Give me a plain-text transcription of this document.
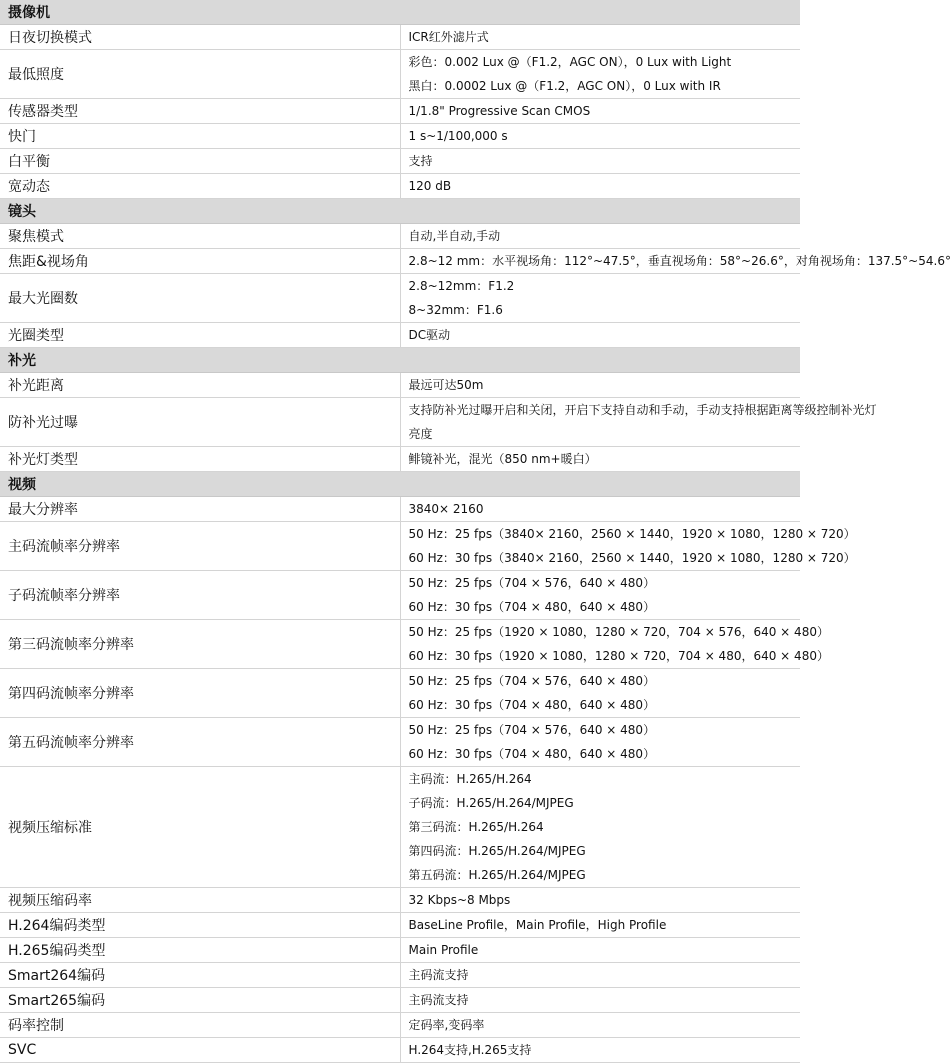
摄像机	
日夜切换模式	ICR红外滤片式

最低照度	彩色：0.002 Lux @（F1.2，AGC ON），0 Lux with Light
黑白：0.0002 Lux @（F1.2，AGC ON），0 Lux with IR

传感器类型	1/1.8" Progressive Scan CMOS

快门	1 s~1/100,000 s

白平衡	支持

宽动态	120 dB

镜头	
聚焦模式	自动,半自动,手动

焦距&视场角	2.8~12 mm：水平视场角：112°~47.5°，垂直视场角：58°~26.6°，对角视场角：137.5°~54.6°

最大光圈数	2.8~12mm：F1.2
8~32mm：F1.6

光圈类型	DC驱动

补光	
补光距离	最远可达50m

防补光过曝	支持防补光过曝开启和关闭，开启下支持自动和手动，手动支持根据距离等级控制补光灯
亮度

补光灯类型	鲱镜补光，混光（850 nm+暖白）

视频	
最大分辨率	3840× 2160

主码流帧率分辨率	50 Hz：25 fps（3840× 2160，2560 × 1440，1920 × 1080，1280 × 720）
60 Hz：30 fps（3840× 2160，2560 × 1440，1920 × 1080，1280 × 720）

子码流帧率分辨率	50 Hz：25 fps（704 × 576，640 × 480）
60 Hz：30 fps（704 × 480，640 × 480）

第三码流帧率分辨率	50 Hz：25 fps（1920 × 1080，1280 × 720，704 × 576，640 × 480）
60 Hz：30 fps（1920 × 1080，1280 × 720，704 × 480，640 × 480）

第四码流帧率分辨率	50 Hz：25 fps（704 × 576，640 × 480）
60 Hz：30 fps（704 × 480，640 × 480）

第五码流帧率分辨率	50 Hz：25 fps（704 × 576，640 × 480）
60 Hz：30 fps（704 × 480，640 × 480）

视频压缩标准	主码流：H.265/H.264
子码流：H.265/H.264/MJPEG
第三码流：H.265/H.264
第四码流：H.265/H.264/MJPEG
第五码流：H.265/H.264/MJPEG

视频压缩码率	32 Kbps~8 Mbps

H.264编码类型	BaseLine Profile，Main Profile，High Profile

H.265编码类型	Main Profile

Smart264编码	主码流支持

Smart265编码	主码流支持

码率控制	定码率,变码率

SVC	H.264支持,H.265支持
